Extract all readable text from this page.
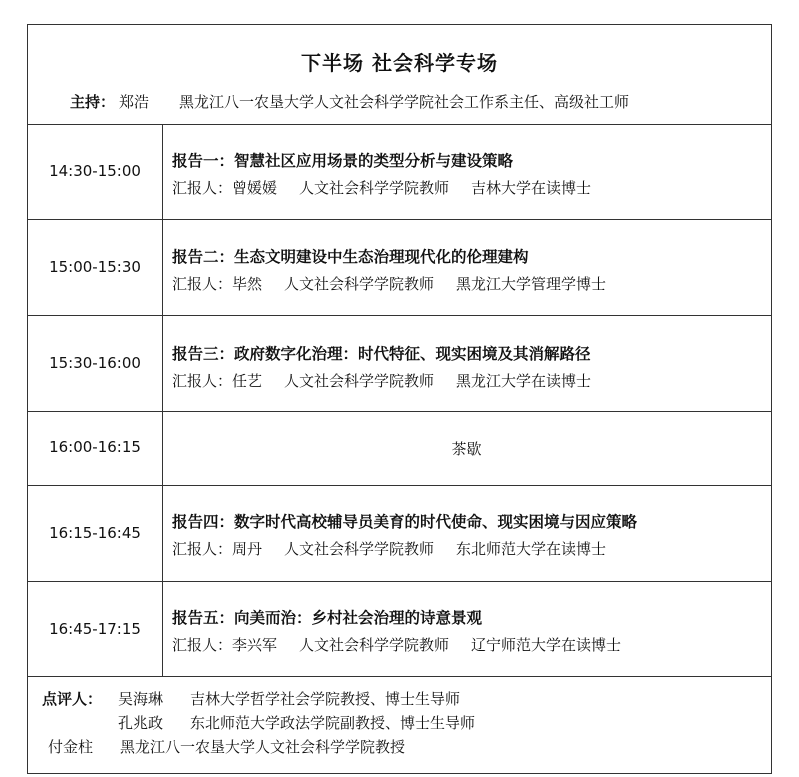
下半场 社会科学专场
主持： 郑浩 黑龙江八一农垦大学人文社会科学学院社会工作系主任、高级社工师
14:30-15:00
报告一：智慧社区应用场景的类型分析与建设策略
汇报人：曾媛媛 人文社会科学学院教师 吉林大学在读博士
15:00-15:30
报告二：生态文明建设中生态治理现代化的伦理建构
汇报人：毕然 人文社会科学学院教师 黑龙江大学管理学博士
15:30-16:00	报告三：政府数字化治理：时代特征、现实困境及其消解路径
汇报人：任艺 人文社会科学学院教师 黑龙江大学在读博士
16:00-16:15	茶歇
16:15-16:45
报告四：数字时代高校辅导员美育的时代使命、现实困境与因应策略
汇报人：周丹 人文社会科学学院教师 东北师范大学在读博士
16:45-17:15
报告五：向美而治：乡村社会治理的诗意景观
汇报人：李兴军 人文社会科学学院教师 辽宁师范大学在读博士
点评人： 吴海琳 吉林大学哲学社会学院教授、博士生导师
孔兆政 东北师范大学政法学院副教授、博士生导师
付金柱 黑龙江八一农垦大学人文社会科学学院教授
